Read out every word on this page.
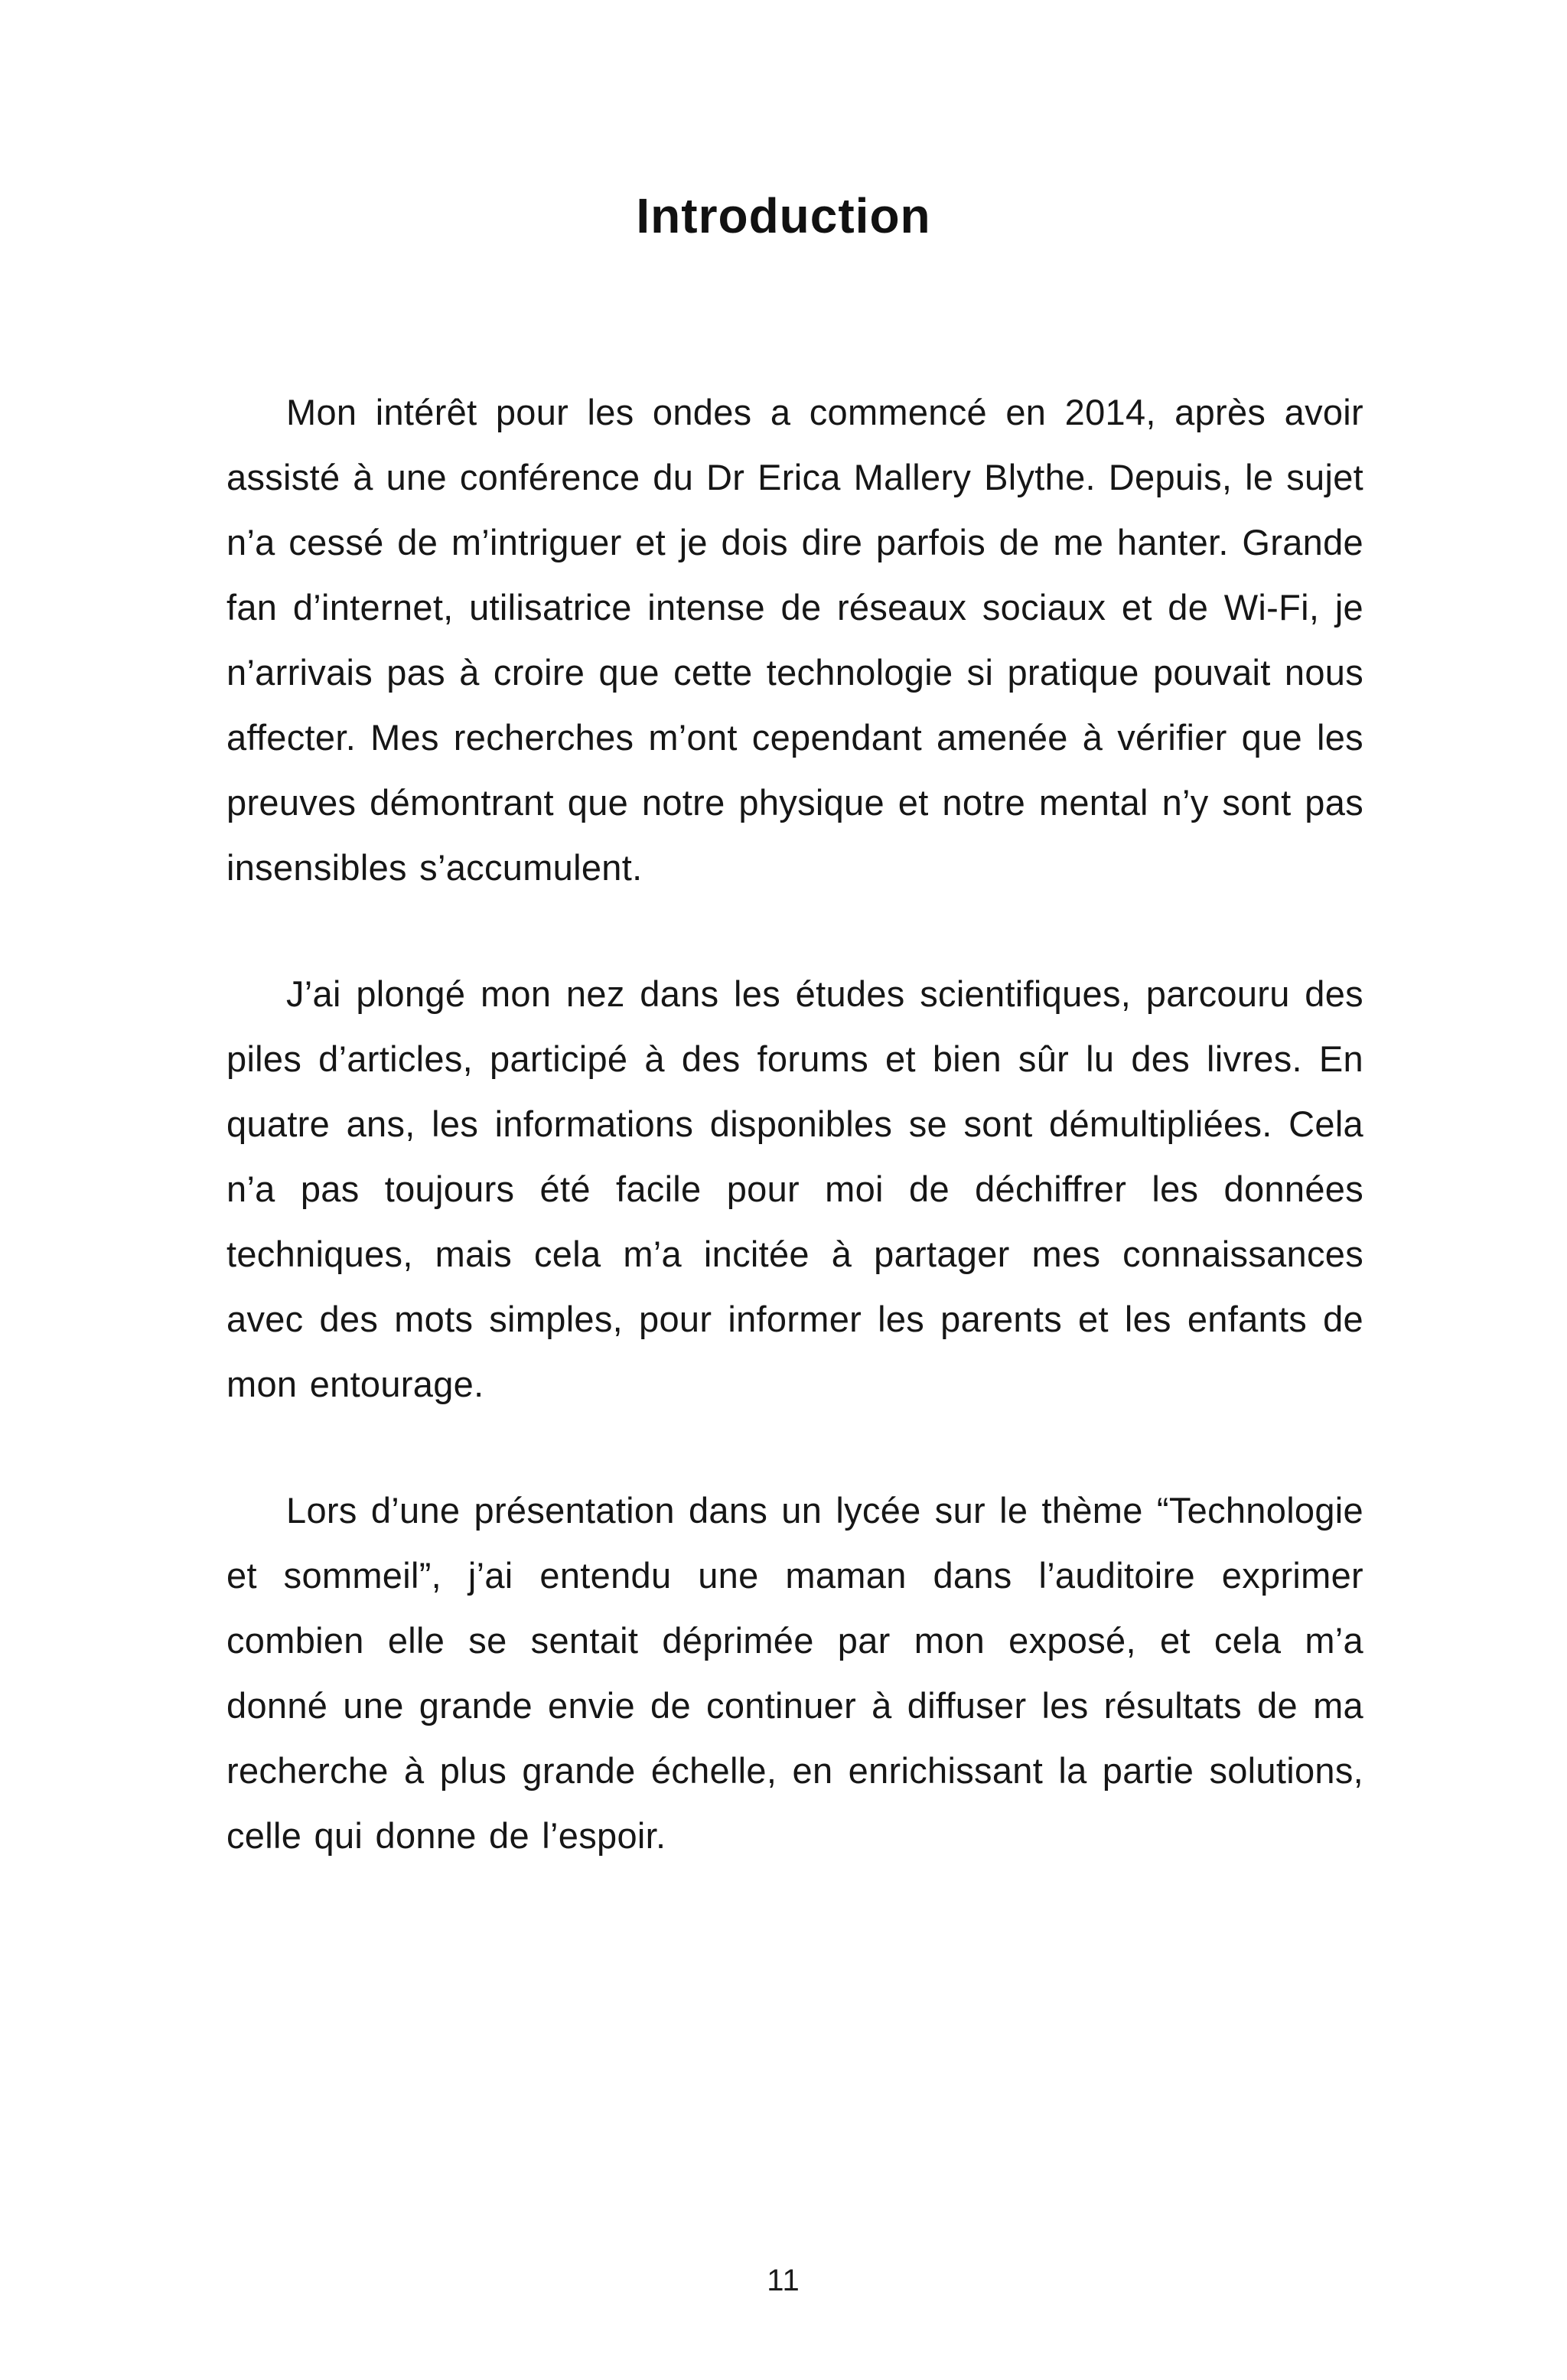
Introduction

Mon intérêt pour les ondes a commencé en 2014, après avoir assisté à une conférence du Dr Erica Mallery Blythe. Depuis, le sujet n’a cessé de m’intriguer et je dois dire parfois de me hanter. Grande fan d’internet, utilisatrice intense de réseaux sociaux et de Wi-Fi, je n’arrivais pas à croire que cette technologie si pratique pouvait nous affecter. Mes recherches m’ont cependant amenée à vérifier que les preuves démontrant que notre physique et notre mental n’y sont pas insensibles s’accumulent.

J’ai plongé mon nez dans les études scientifiques, parcouru des piles d’articles, participé à des forums et bien sûr lu des livres. En quatre ans, les informations disponibles se sont démultipliées. Cela n’a pas toujours été facile pour moi de déchiffrer les données techniques, mais cela m’a incitée à partager mes connaissances avec des mots simples, pour informer les parents et les enfants de mon entourage.

Lors d’une présentation dans un lycée sur le thème “Technologie et sommeil”, j’ai entendu une maman dans l’auditoire exprimer combien elle se sentait déprimée par mon exposé, et cela m’a donné une grande envie de continuer à diffuser les résultats de ma recherche à plus grande échelle, en enrichissant la partie solutions, celle qui donne de l’espoir.

11
